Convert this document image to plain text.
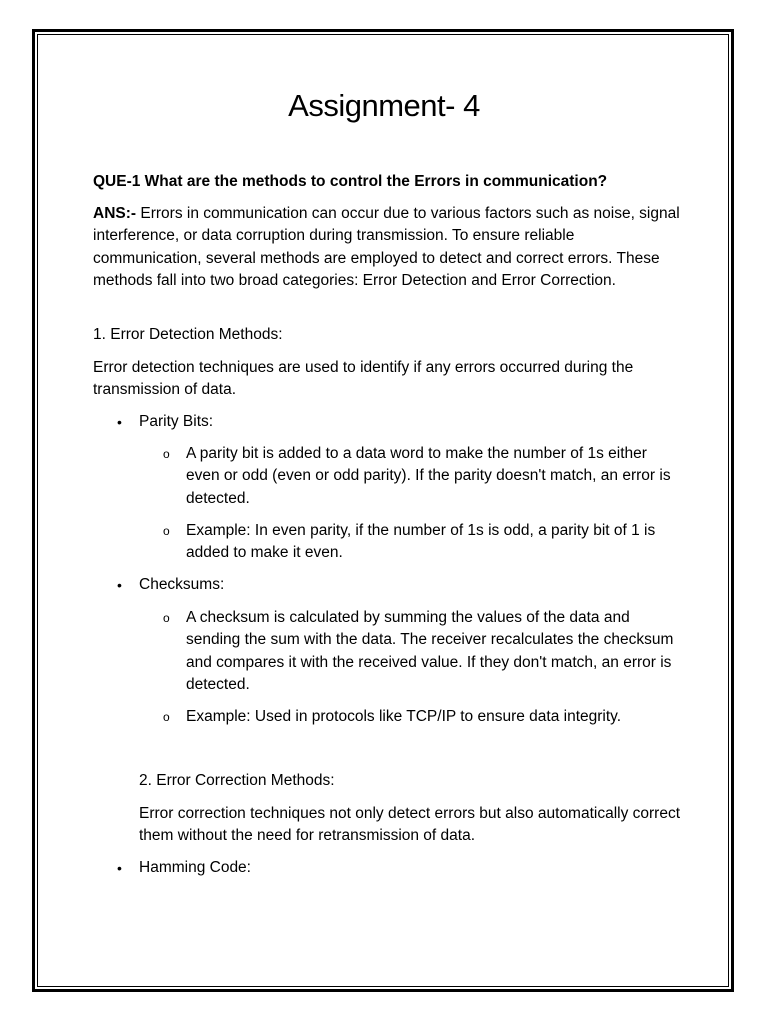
Assignment- 4
QUE-1 What are the methods to control the Errors in communication?
ANS:- Errors in communication can occur due to various factors such as noise, signal interference, or data corruption during transmission. To ensure reliable communication, several methods are employed to detect and correct errors. These methods fall into two broad categories: Error Detection and Error Correction.
1. Error Detection Methods:
Error detection techniques are used to identify if any errors occurred during the transmission of data.
• Parity Bits:
o A parity bit is added to a data word to make the number of 1s either even or odd (even or odd parity). If the parity doesn't match, an error is detected.
o Example: In even parity, if the number of 1s is odd, a parity bit of 1 is added to make it even.
• Checksums:
o A checksum is calculated by summing the values of the data and sending the sum with the data. The receiver recalculates the checksum and compares it with the received value. If they don't match, an error is detected.
o Example: Used in protocols like TCP/IP to ensure data integrity.
2. Error Correction Methods:
Error correction techniques not only detect errors but also automatically correct them without the need for retransmission of data.
• Hamming Code:
